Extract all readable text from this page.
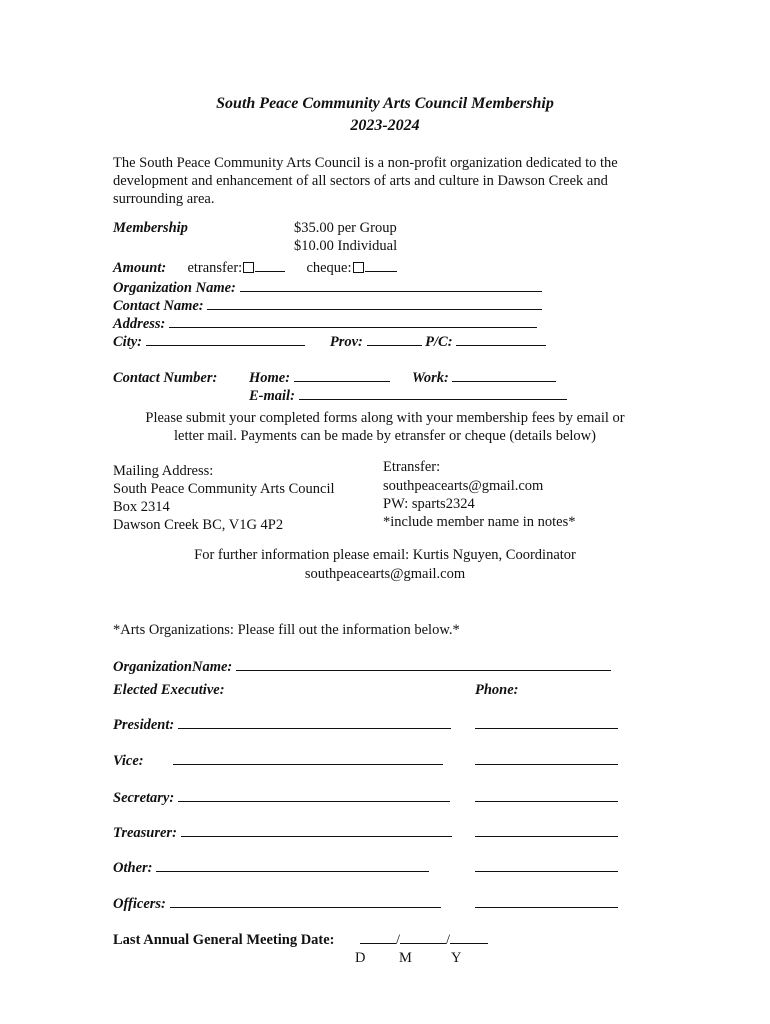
South Peace Community Arts Council Membership
2023-2024
The South Peace Community Arts Council is a non-profit organization dedicated to the development and enhancement of all sectors of arts and culture in Dawson Creek and surrounding area.
Membership	$35.00 per Group
$10.00 Individual
Amount: etransfer:	cheque:
Organization Name:
Contact Name:
Address:
City:	Prov:	P/C:
Contact Number: Home:	Work:
E-mail:
Please submit your completed forms along with your membership fees by email or
letter mail. Payments can be made by etransfer or cheque (details below)
Mailing Address:
South Peace Community Arts Council
Box 2314
Dawson Creek BC, V1G 4P2
Etransfer:
southpeacearts@gmail.com
PW: sparts2324
*include member name in notes*
For further information please email: Kurtis Nguyen, Coordinator
southpeacearts@gmail.com
*Arts Organizations: Please fill out the information below.*
OrganizationName:
Elected Executive:	Phone:
President:
Vice:
Secretary:
Treasurer:
Other:
Officers:
Last Annual General Meeting Date:	/	/
D M	Y
